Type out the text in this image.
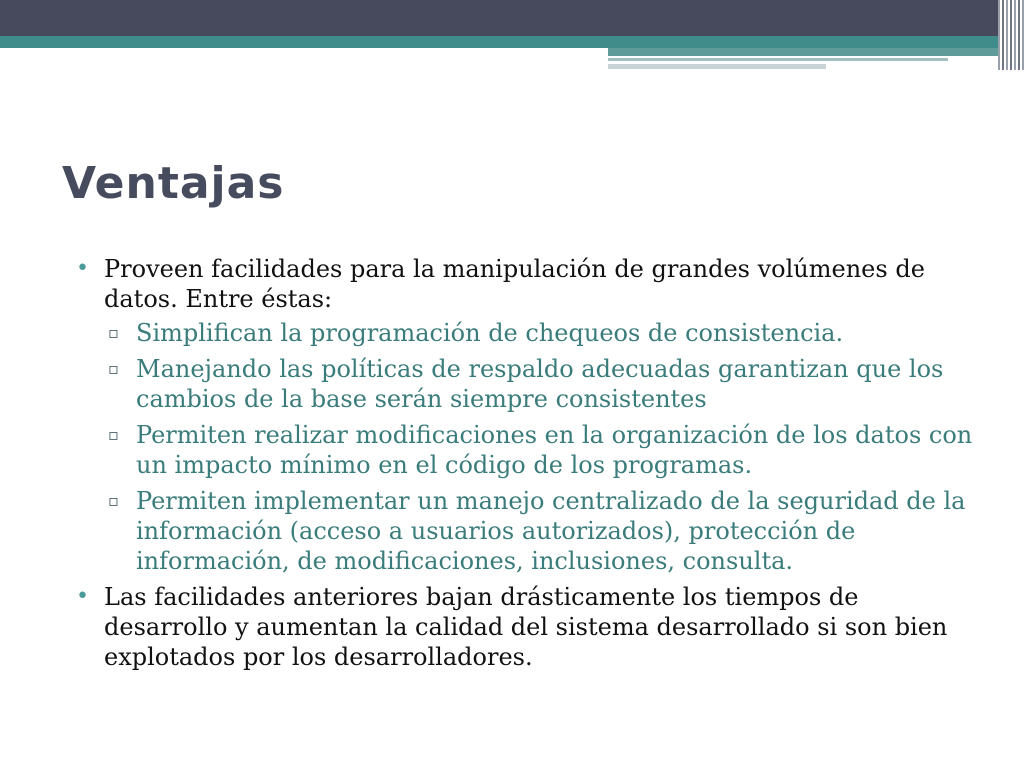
Ventajas
• Proveen facilidades para la manipulación de grandes volúmenes de datos. Entre éstas:
▫ Simplifican la programación de chequeos de consistencia.
▫ Manejando las políticas de respaldo adecuadas garantizan que los cambios de la base serán siempre consistentes
▫ Permiten realizar modificaciones en la organización de los datos con un impacto mínimo en el código de los programas.
▫ Permiten implementar un manejo centralizado de la seguridad de la información (acceso a usuarios autorizados), protección de información, de modificaciones, inclusiones, consulta.
• Las facilidades anteriores bajan drásticamente los tiempos de desarrollo y aumentan la calidad del sistema desarrollado si son bien explotados por los desarrolladores.
